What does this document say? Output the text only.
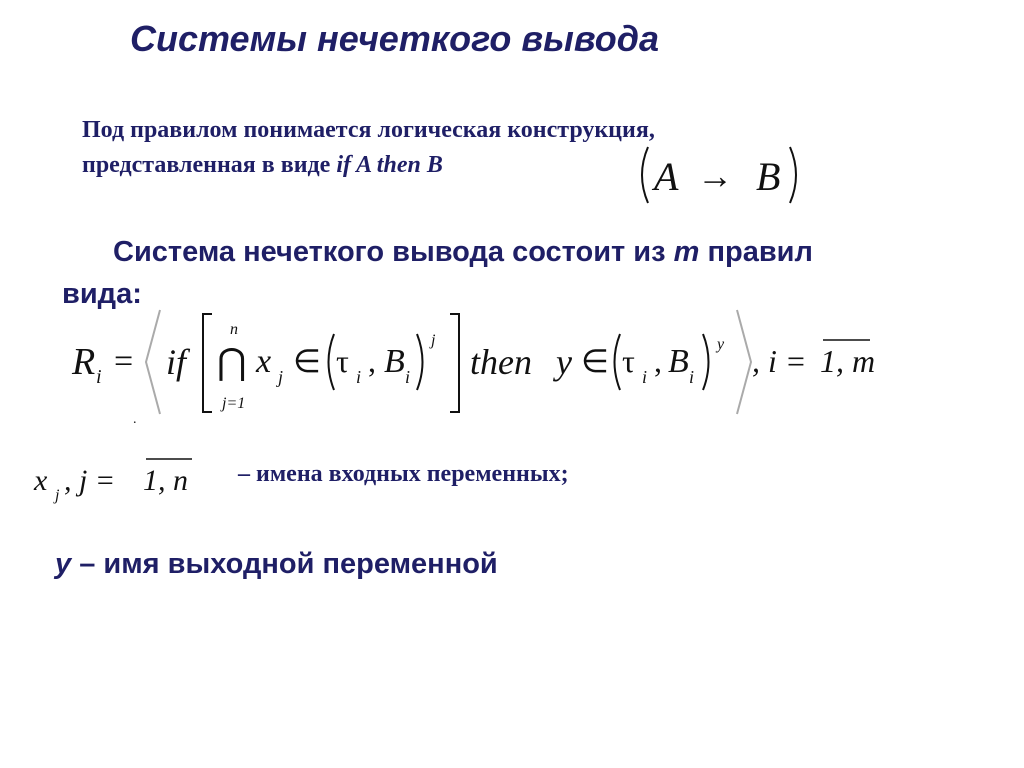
Системы нечеткого вывода
Под правилом понимается логическая конструкция,
представленная в виде if A then B
Система нечеткого вывода состоит из m правил
вида:
A → B
R i = if
n
⋂
j=1
x j ∈ τ i , B i
j
then y ∈ τ i , B i
y , i = 1, m
.
x j , j = 1, n – имена входных переменных;
y – имя выходной переменной
